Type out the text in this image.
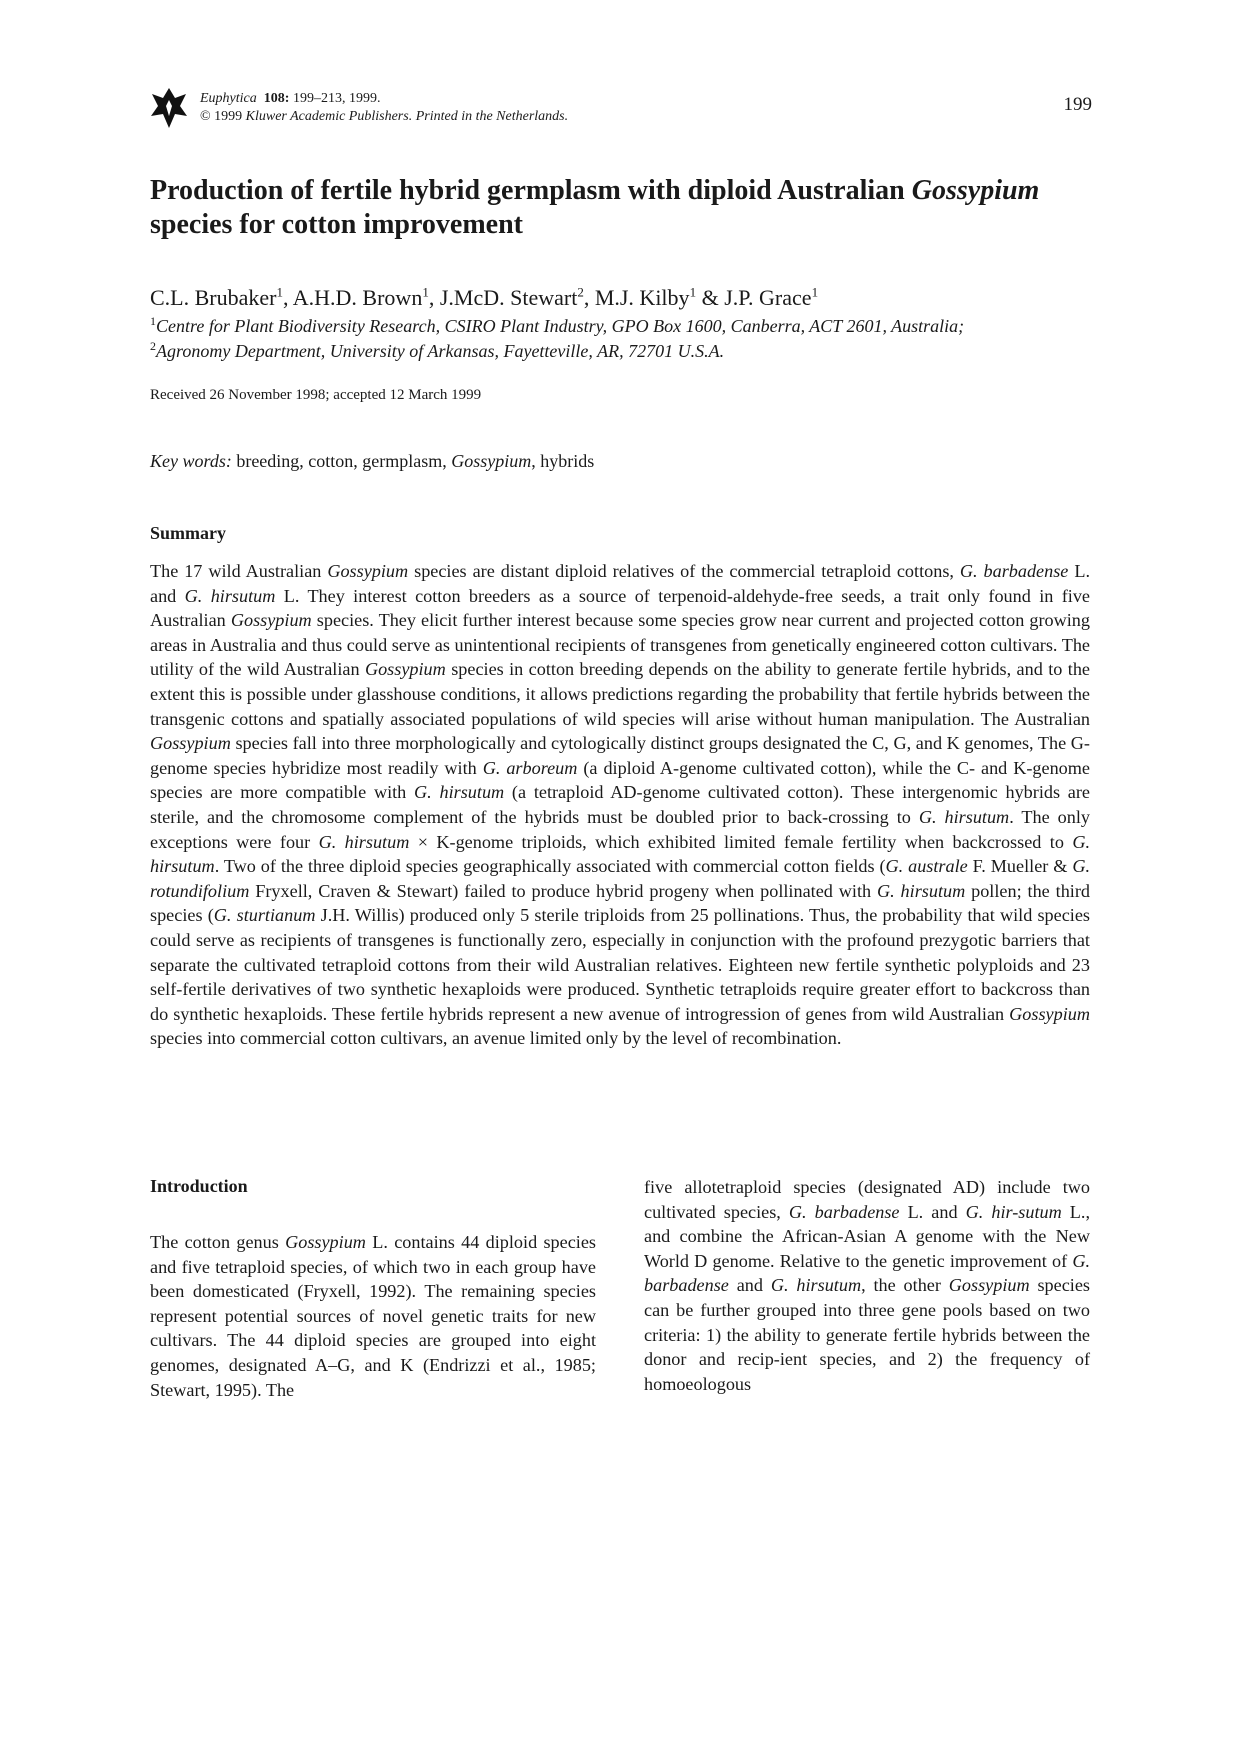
Euphytica 108: 199–213, 1999.
© 1999 Kluwer Academic Publishers. Printed in the Netherlands.
199
Production of fertile hybrid germplasm with diploid Australian Gossypium
species for cotton improvement
C.L. Brubaker$^1$, A.H.D. Brown$^1$, J.McD. Stewart$^2$, M.J. Kilby$^1$ & J.P. Grace$^1$
$^1$Centre for Plant Biodiversity Research, CSIRO Plant Industry, GPO Box 1600, Canberra, ACT 2601, Australia;
$^2$Agronomy Department, University of Arkansas, Fayetteville, AR, 72701 U.S.A.
Received 26 November 1998; accepted 12 March 1999
Key words: breeding, cotton, germplasm, Gossypium, hybrids
Summary

The 17 wild Australian Gossypium species are distant diploid relatives of the commercial tetraploid cottons, G. barbadense L. and G. hirsutum L. They interest cotton breeders as a source of terpenoid-aldehyde-free seeds, a trait only found in five Australian Gossypium species. They elicit further interest because some species grow near current and projected cotton growing areas in Australia and thus could serve as unintentional recipients of transgenes from genetically engineered cotton cultivars. The utility of the wild Australian Gossypium species in cotton breeding depends on the ability to generate fertile hybrids, and to the extent this is possible under glasshouse conditions, it allows predictions regarding the probability that fertile hybrids between the transgenic cottons and spatially associated populations of wild species will arise without human manipulation. The Australian Gossypium species fall into three morphologically and cytologically distinct groups designated the C, G, and K genomes, The G-genome species hybridize most readily with G. arboreum (a diploid A-genome cultivated cotton), while the C- and K-genome species are more compatible with G. hirsutum (a tetraploid AD-genome cultivated cotton). These intergenomic hybrids are sterile, and the chromosome complement of the hybrids must be doubled prior to back-crossing to G. hirsutum. The only exceptions were four G. hirsutum × K-genome triploids, which exhibited limited female fertility when backcrossed to G. hirsutum. Two of the three diploid species geographically associated with commercial cotton fields (G. australe F. Mueller & G. rotundifolium Fryxell, Craven & Stewart) failed to produce hybrid progeny when pollinated with G. hirsutum pollen; the third species (G. sturtianum J.H. Willis) produced only 5 sterile triploids from 25 pollinations. Thus, the probability that wild species could serve as recipients of transgenes is functionally zero, especially in conjunction with the profound prezygotic barriers that separate the cultivated tetraploid cottons from their wild Australian relatives. Eighteen new fertile synthetic polyploids and 23 self-fertile derivatives of two synthetic hexaploids were produced. Synthetic tetraploids require greater effort to backcross than do synthetic hexaploids. These fertile hybrids represent a new avenue of introgression of genes from wild Australian Gossypium species into commercial cotton cultivars, an avenue limited only by the level of recombination.

Introduction

The cotton genus Gossypium L. contains 44 diploid species and five tetraploid species, of which two in each group have been domesticated (Fryxell, 1992). The remaining species represent potential sources of novel genetic traits for new cultivars. The 44 diploid species are grouped into eight genomes, designated A–G, and K (Endrizzi et al., 1985; Stewart, 1995). The

five allotetraploid species (designated AD) include two cultivated species, G. barbadense L. and G. hir-sutum L., and combine the African-Asian A genome with the New World D genome. Relative to the genetic improvement of G. barbadense and G. hirsutum, the other Gossypium species can be further grouped into three gene pools based on two criteria: 1) the ability to generate fertile hybrids between the donor and recip-ient species, and 2) the frequency of homoeologous
